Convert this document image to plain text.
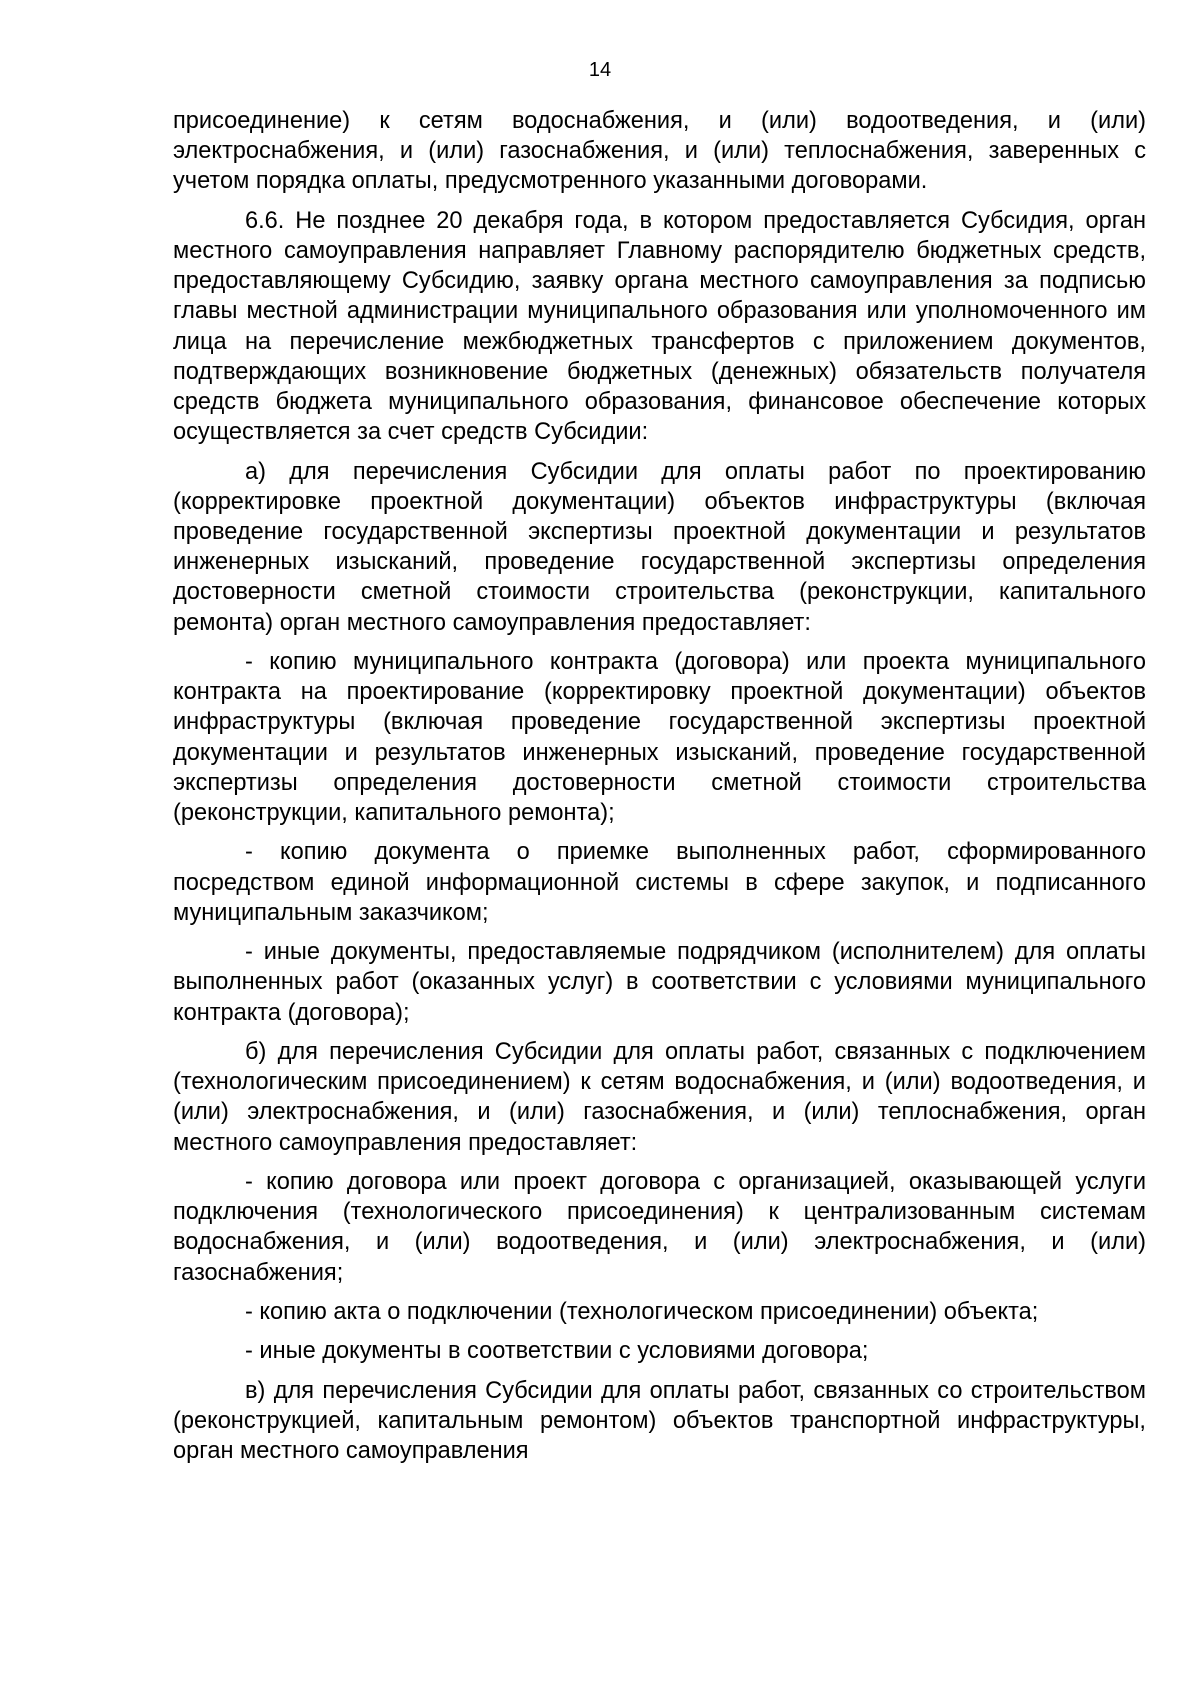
14

присоединение) к сетям водоснабжения, и (или) водоотведения, и (или) электроснабжения, и (или) газоснабжения, и (или) теплоснабжения, заверенных с учетом порядка оплаты, предусмотренного указанными договорами.

6.6. Не позднее 20 декабря года, в котором предоставляется Субсидия, орган местного самоуправления направляет Главному распорядителю бюджетных средств, предоставляющему Субсидию, заявку органа местного самоуправления за подписью главы местной администрации муниципального образования или уполномоченного им лица на перечисление межбюджетных трансфертов с приложением документов, подтверждающих возникновение бюджетных (денежных) обязательств получателя средств бюджета муниципального образования, финансовое обеспечение которых осуществляется за счет средств Субсидии:

а) для перечисления Субсидии для оплаты работ по проектированию (корректировке проектной документации) объектов инфраструктуры (включая проведение государственной экспертизы проектной документации и результатов инженерных изысканий, проведение государственной экспертизы определения достоверности сметной стоимости строительства (реконструкции, капитального ремонта) орган местного самоуправления предоставляет:

- копию муниципального контракта (договора) или проекта муниципального контракта на проектирование (корректировку проектной документации) объектов инфраструктуры (включая проведение государственной экспертизы проектной документации и результатов инженерных изысканий, проведение государственной экспертизы определения достоверности сметной стоимости строительства (реконструкции, капитального ремонта);

- копию документа о приемке выполненных работ, сформированного посредством единой информационной системы в сфере закупок, и подписанного муниципальным заказчиком;

- иные документы, предоставляемые подрядчиком (исполнителем) для оплаты выполненных работ (оказанных услуг) в соответствии с условиями муниципального контракта (договора);

б) для перечисления Субсидии для оплаты работ, связанных с подключением (технологическим присоединением) к сетям водоснабжения, и (или) водоотведения, и (или) электроснабжения, и (или) газоснабжения, и (или) теплоснабжения, орган местного самоуправления предоставляет:

- копию договора или проект договора с организацией, оказывающей услуги подключения (технологического присоединения) к централизованным системам водоснабжения, и (или) водоотведения, и (или) электроснабжения, и (или) газоснабжения;

- копию акта о подключении (технологическом присоединении) объекта;

- иные документы в соответствии с условиями договора;

в) для перечисления Субсидии для оплаты работ, связанных со строительством (реконструкцией, капитальным ремонтом) объектов транспортной инфраструктуры, орган местного самоуправления
